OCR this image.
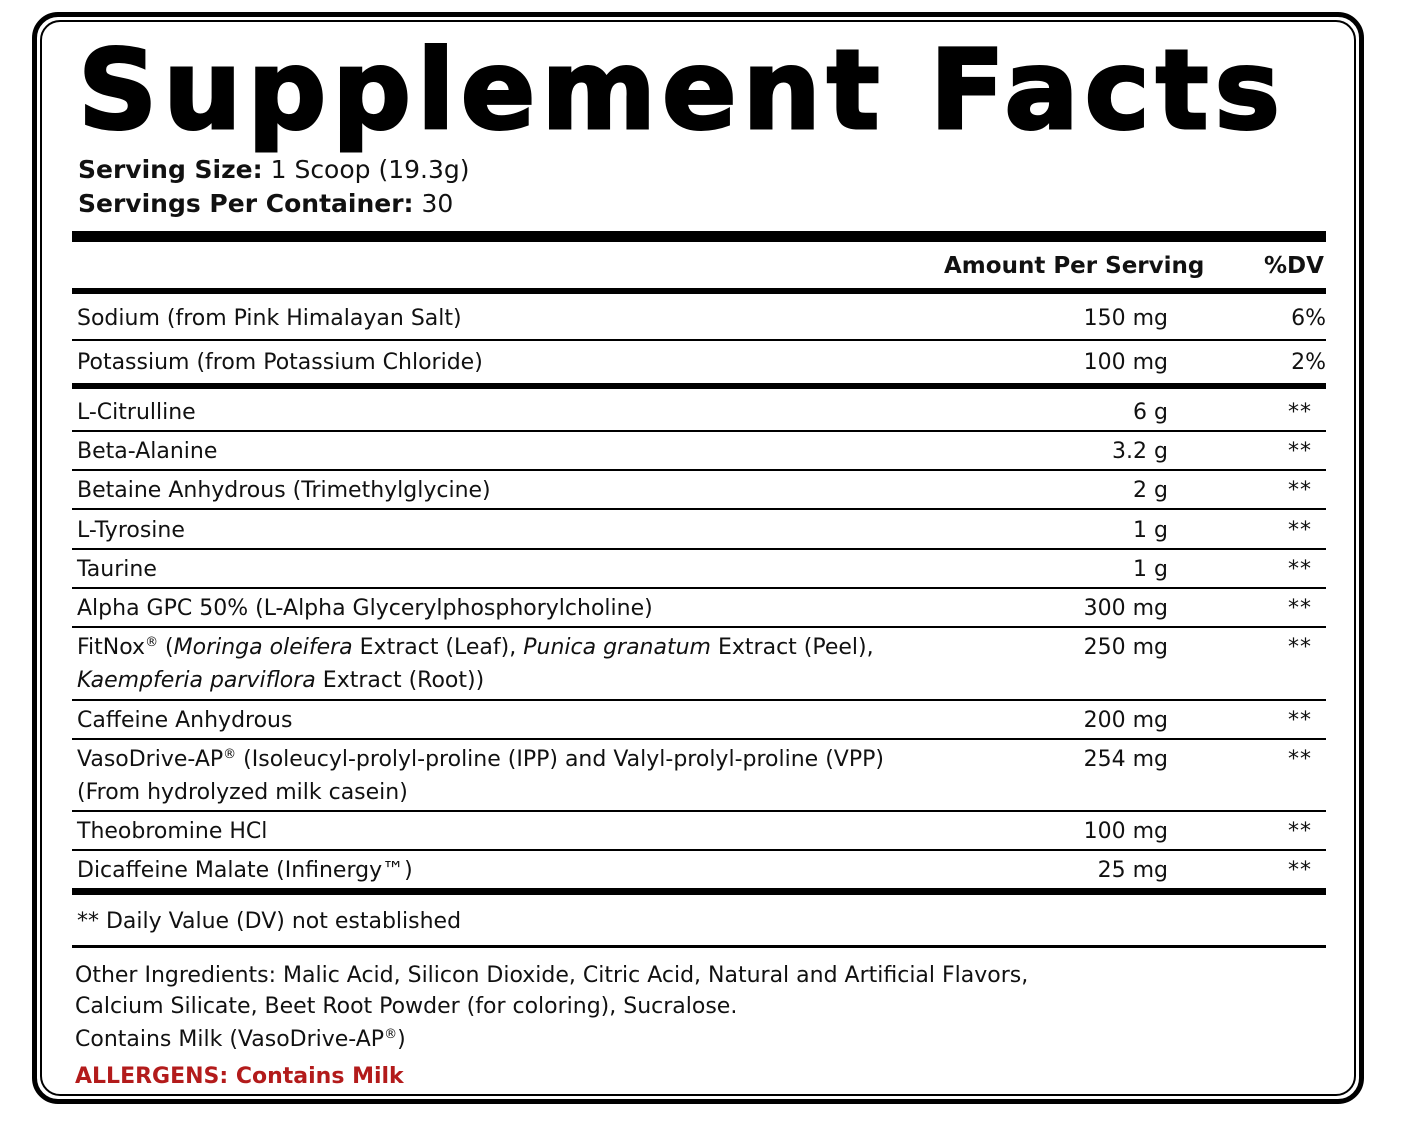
Supplement Facts
Serving Size: 1 Scoop (19.3g)
Servings Per Container: 30
Amount Per Serving	%DV
Sodium (from Pink Himalayan Salt)	150 mg	6%
Potassium (from Potassium Chloride)	100 mg	2%
L-Citrulline	6 g	**
Beta-Alanine	3.2 g	**
Betaine Anhydrous (Trimethylglycine)	2 g	**
L-Tyrosine	1 g	**
Taurine	1 g	**
Alpha GPC 50% (L-Alpha Glycerylphosphorylcholine)	300 mg	**
FitNox® (Moringa oleifera Extract (Leaf), Punica granatum Extract (Peel),
Kaempferia parviflora Extract (Root))
250 mg	**
Caffeine Anhydrous	200 mg	**
VasoDrive-AP® (Isoleucyl-prolyl-proline (IPP) and Valyl-prolyl-proline (VPP)
(From hydrolyzed milk casein)
254 mg	**
Theobromine HCl	100 mg	**
Dicaffeine Malate (Infinergy™)	25 mg	**
** Daily Value (DV) not established
Other Ingredients: Malic Acid, Silicon Dioxide, Citric Acid, Natural and Artificial Flavors,
Calcium Silicate, Beet Root Powder (for coloring), Sucralose.
Contains Milk (VasoDrive-AP®)
ALLERGENS: Contains Milk
